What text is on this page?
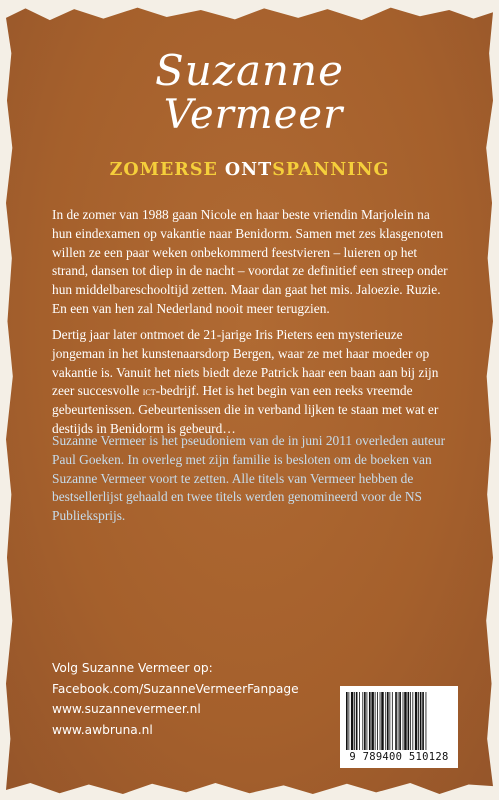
Suzanne
Vermeer
ZOMERSE ONTSPANNING

In de zomer van 1988 gaan Nicole en haar beste vriendin Marjolein na hun eindexamen op vakantie naar Benidorm. Samen met zes klasgenoten willen ze een paar weken onbekommerd feestvieren – luieren op het strand, dansen tot diep in de nacht – voordat ze definitief een streep onder hun middelbareschooltijd zetten. Maar dan gaat het mis. Jaloezie. Ruzie. En een van hen zal Nederland nooit meer terugzien.

Dertig jaar later ontmoet de 21-jarige Iris Pieters een mysterieuze jongeman in het kunstenaarsdorp Bergen, waar ze met haar moeder op vakantie is. Vanuit het niets biedt deze Patrick haar een baan aan bij zijn zeer succesvolle ict-bedrijf. Het is het begin van een reeks vreemde gebeurtenissen. Gebeurtenissen die in verband lijken te staan met wat er destijds in Benidorm is gebeurd…

Suzanne Vermeer is het pseudoniem van de in juni 2011 overleden auteur Paul Goeken. In overleg met zijn familie is besloten om de boeken van Suzanne Vermeer voort te zetten. Alle titels van Vermeer hebben de bestsellerlijst gehaald en twee titels werden genomineerd voor de NS Publieksprijs.

Volg Suzanne Vermeer op:
Facebook.com/SuzanneVermeerFanpage
www.suzannevermeer.nl
www.awbruna.nl
9 789400 510128
